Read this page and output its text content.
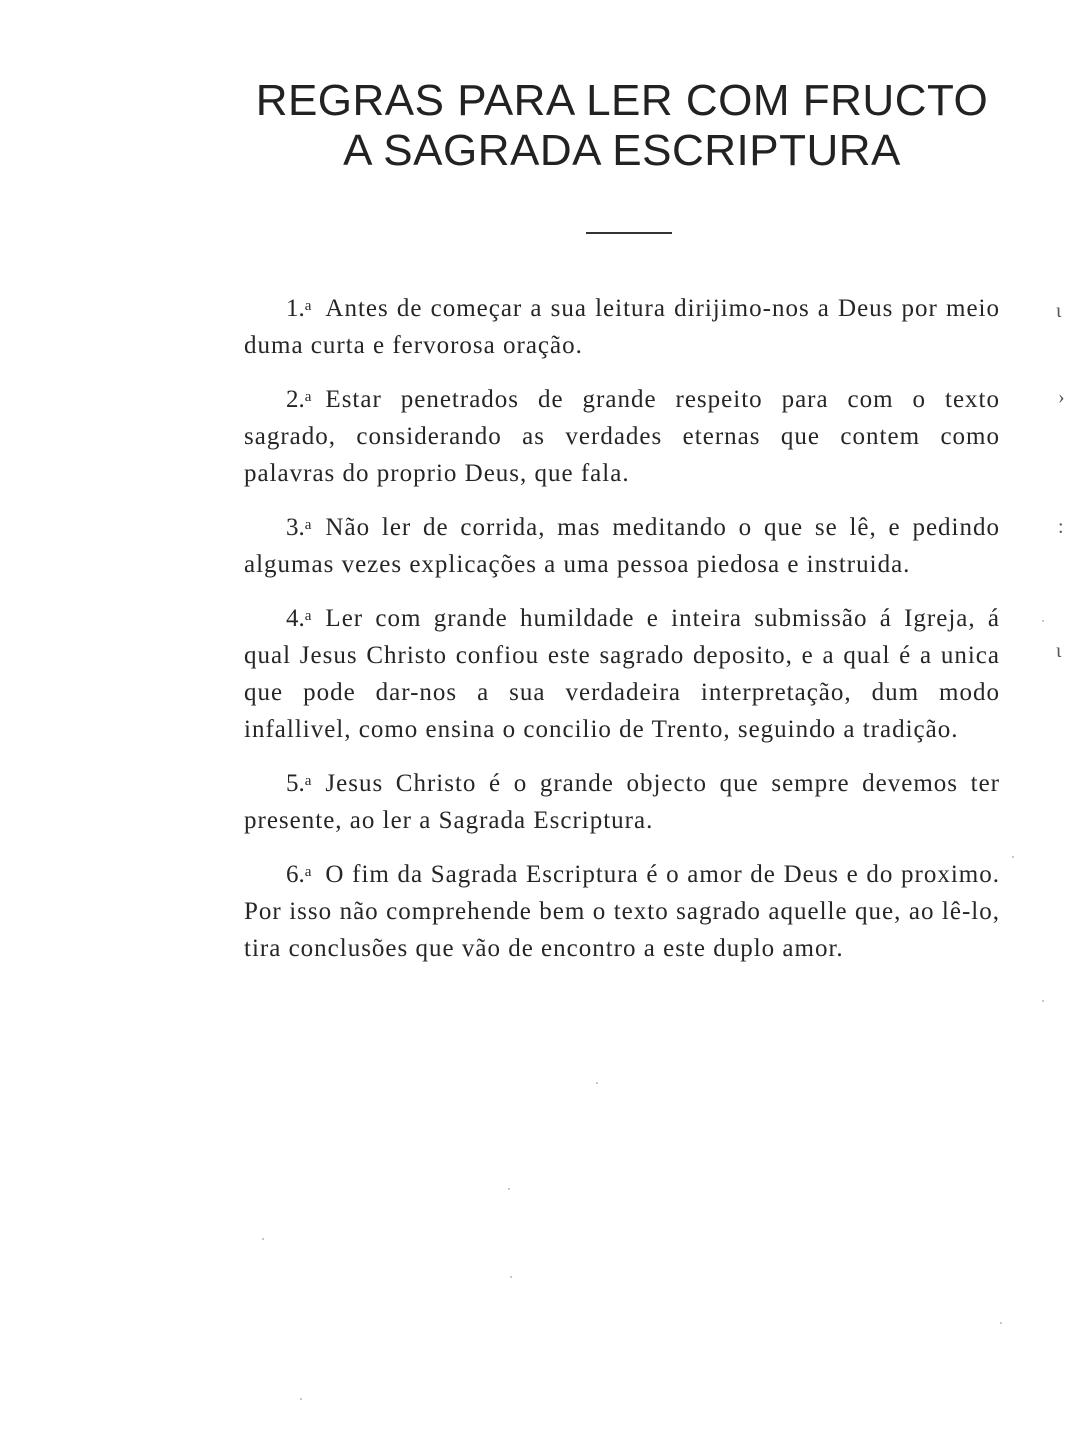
REGRAS PARA LER COM FRUCTO
A SAGRADA ESCRIPTURA

1.$^a$ Antes de começar a sua leitura dirijimo-nos a Deus por meio duma curta e fervorosa oração.

2.$^a$ Estar penetrados de grande respeito para com o texto sagrado, considerando as verdades eternas que contem como palavras do proprio Deus, que fala.

3.$^a$ Não ler de corrida, mas meditando o que se lê, e pedindo algumas vezes explicações a uma pessoa piedosa e instruida.

4.$^a$ Ler com grande humildade e inteira submissão á Igreja, á qual Jesus Christo confiou este sagrado deposito, e a qual é a unica que pode dar-nos a sua verdadeira interpretação, dum modo infallivel, como ensina o concilio de Trento, seguindo a tradição.

5.$^a$ Jesus Christo é o grande objecto que sempre devemos ter presente, ao ler a Sagrada Escriptura.

6.$^a$ O fim da Sagrada Escriptura é o amor de Deus e do proximo. Por isso não comprehende bem o texto sagrado aquelle que, ao lê-lo, tira conclusões que vão de encontro a este duplo amor.

ι
›
:
ι
